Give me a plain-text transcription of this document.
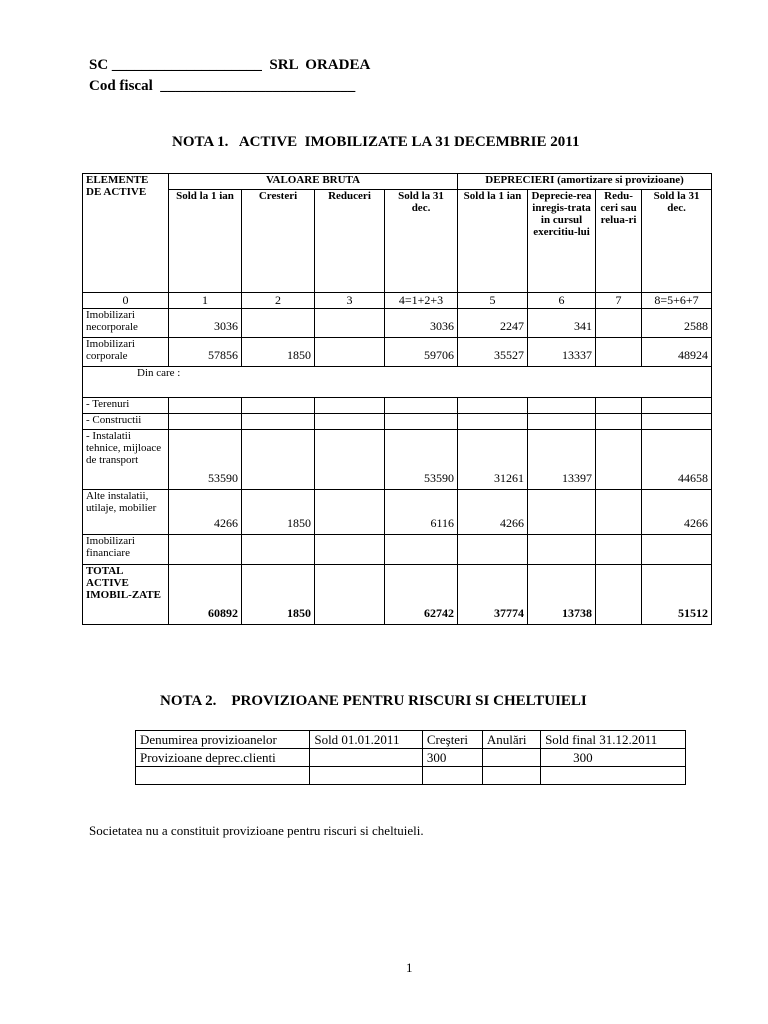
SC ____________________  SRL  ORADEA
Cod fiscal  __________________________
NOTA 1.   ACTIVE  IMOBILIZATE LA 31 DECEMBRIE 2011
ELEMENTE DE ACTIVE	VALOARE BRUTA				DEPRECIERI (amortizare si provizioane)			
	Sold la 1 ian	Cresteri	Reduceri	Sold la 31 dec.	Sold la 1 ian	Deprecie-rea inregis-trata in cursul exercitiu-lui	Redu-ceri sau relua-ri	Sold la 31 dec.
0	1	2	3	4=1+2+3	5	6	7	8=5+6+7
Imobilizari necorporale	3036			3036	2247	341		2588
Imobilizari corporale	57856	1850		59706	35527	13337		48924
Din care :								
- Terenuri								
- Constructii								
- Instalatii tehnice, mijloace de transport	53590			53590	31261	13397		44658
Alte instalatii, utilaje, mobilier	4266	1850		6116	4266			4266
Imobilizari financiare								
TOTAL ACTIVE IMOBIL-ZATE	60892	1850		62742	37774	13738		51512
NOTA 2.    PROVIZIOANE PENTRU RISCURI SI CHELTUIELI
Denumirea provizioanelor	Sold 01.01.2011	Creşteri	Anulări	Sold final 31.12.2011
Provizioane deprec.clienti		300		300

Societatea nu a constituit provizioane pentru riscuri si cheltuieli.
1
